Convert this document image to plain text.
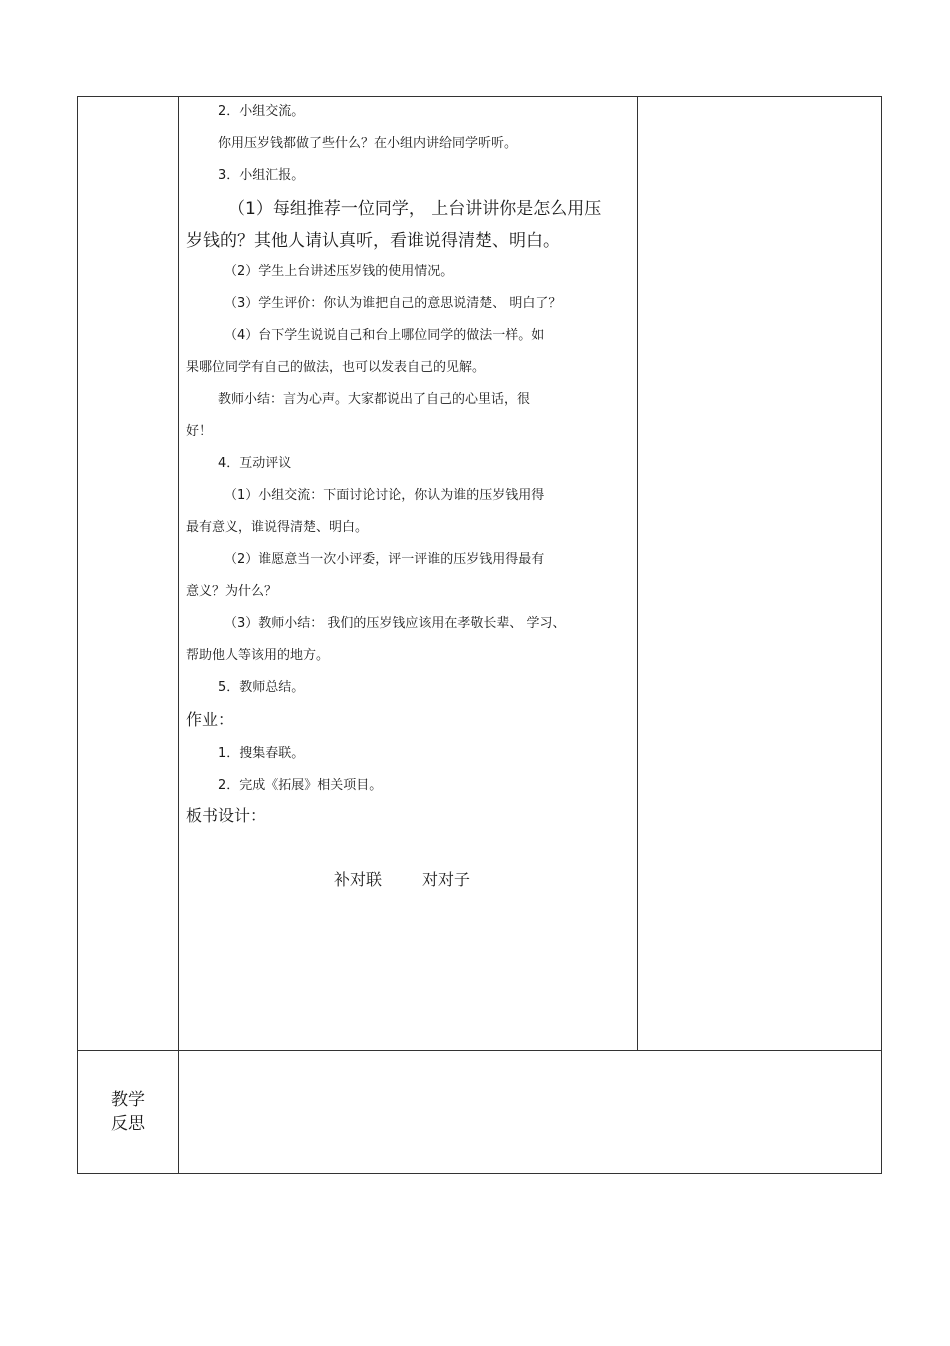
2．小组交流。
你用压岁钱都做了些什么？在小组内讲给同学听听。
3．小组汇报。
（1）每组推荐一位同学， 上台讲讲你是怎么用压
岁钱的？其他人请认真听，看谁说得清楚、明白。
（2）学生上台讲述压岁钱的使用情况。
（3）学生评价：你认为谁把自己的意思说清楚、 明白了？
（4）台下学生说说自己和台上哪位同学的做法一样。如
果哪位同学有自己的做法，也可以发表自己的见解。
教师小结：言为心声。大家都说出了自己的心里话，很
好！
4．互动评议
（1）小组交流：下面讨论讨论，你认为谁的压岁钱用得
最有意义，谁说得清楚、明白。
（2）谁愿意当一次小评委，评一评谁的压岁钱用得最有
意义？为什么？
（3）教师小结： 我们的压岁钱应该用在孝敬长辈、 学习、
帮助他人等该用的地方。
5．教师总结。
作业：
1．搜集春联。
2．完成《拓展》相关项目。
板书设计：
补对联 对对子
教学
反思
